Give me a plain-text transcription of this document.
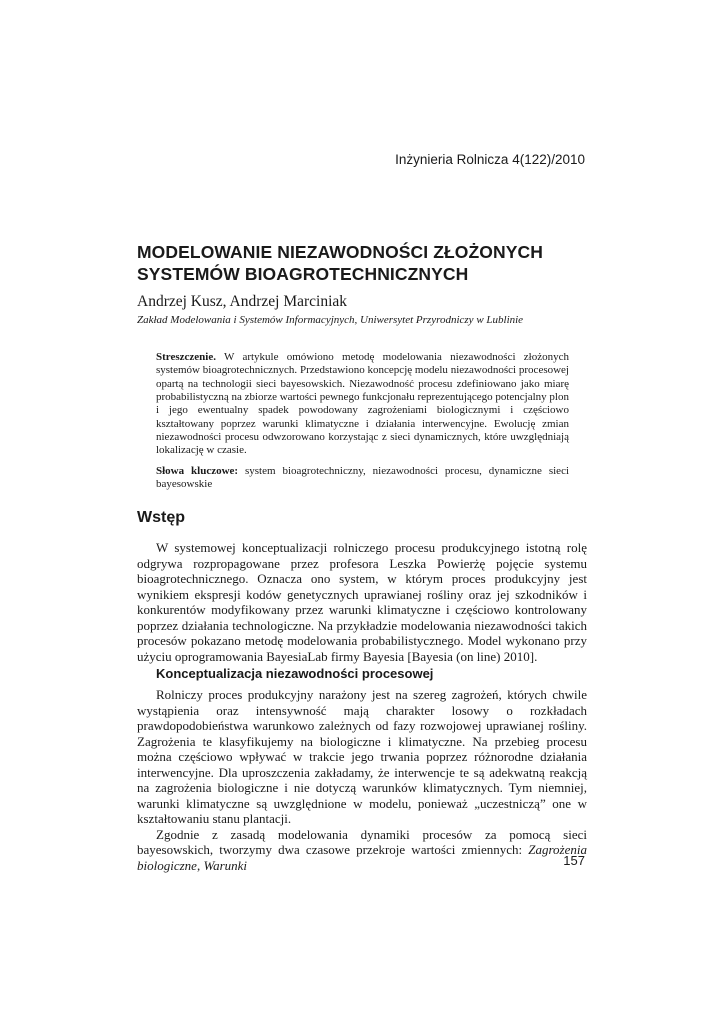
Inżynieria Rolnicza 4(122)/2010
MODELOWANIE NIEZAWODNOŚCI ZŁOŻONYCH
SYSTEMÓW BIOAGROTECHNICZNYCH
Andrzej Kusz, Andrzej Marciniak
Zakład Modelowania i Systemów Informacyjnych, Uniwersytet Przyrodniczy w Lublinie

Streszczenie. W artykule omówiono metodę modelowania niezawodności złożonych systemów bioagrotechnicznych. Przedstawiono koncepcję modelu niezawodności procesowej opartą na technologii sieci bayesowskich. Niezawodność procesu zdefiniowano jako miarę probabilistyczną na zbiorze wartości pewnego funkcjonału reprezentującego potencjalny plon i jego ewentualny spadek powodowany zagrożeniami biologicznymi i częściowo kształtowany poprzez warunki klimatyczne i działania interwencyjne. Ewolucję zmian niezawodności procesu odwzorowano korzystając z sieci dynamicznych, które uwzględniają lokalizację w czasie.

Słowa kluczowe: system bioagrotechniczny, niezawodności procesu, dynamiczne sieci bayesowskie

Wstęp

W systemowej konceptualizacji rolniczego procesu produkcyjnego istotną rolę odgrywa rozpropagowane przez profesora Leszka Powierżę pojęcie systemu bioagrotechnicznego. Oznacza ono system, w którym proces produkcyjny jest wynikiem ekspresji kodów genetycznych uprawianej rośliny oraz jej szkodników i konkurentów modyfikowany przez warunki klimatyczne i częściowo kontrolowany poprzez działania technologiczne. Na przykładzie modelowania niezawodności takich procesów pokazano metodę modelowania probabilistycznego. Model wykonano przy użyciu oprogramowania BayesiaLab firmy Bayesia [Bayesia (on line) 2010].

Konceptualizacja niezawodności procesowej

Rolniczy proces produkcyjny narażony jest na szereg zagrożeń, których chwile wystąpienia oraz intensywność mają charakter losowy o rozkładach prawdopodobieństwa warunkowo zależnych od fazy rozwojowej uprawianej rośliny. Zagrożenia te klasyfikujemy na biologiczne i klimatyczne. Na przebieg procesu można częściowo wpływać w trakcie jego trwania poprzez różnorodne działania interwencyjne. Dla uproszczenia zakładamy, że interwencje te są adekwatną reakcją na zagrożenia biologiczne i nie dotyczą warunków klimatycznych. Tym niemniej, warunki klimatyczne są uwzględnione w modelu, ponieważ „uczestniczą” one w kształtowaniu stanu plantacji.

Zgodnie z zasadą modelowania dynamiki procesów za pomocą sieci bayesowskich, tworzymy dwa czasowe przekroje wartości zmiennych: Zagrożenia biologiczne, Warunki	157
